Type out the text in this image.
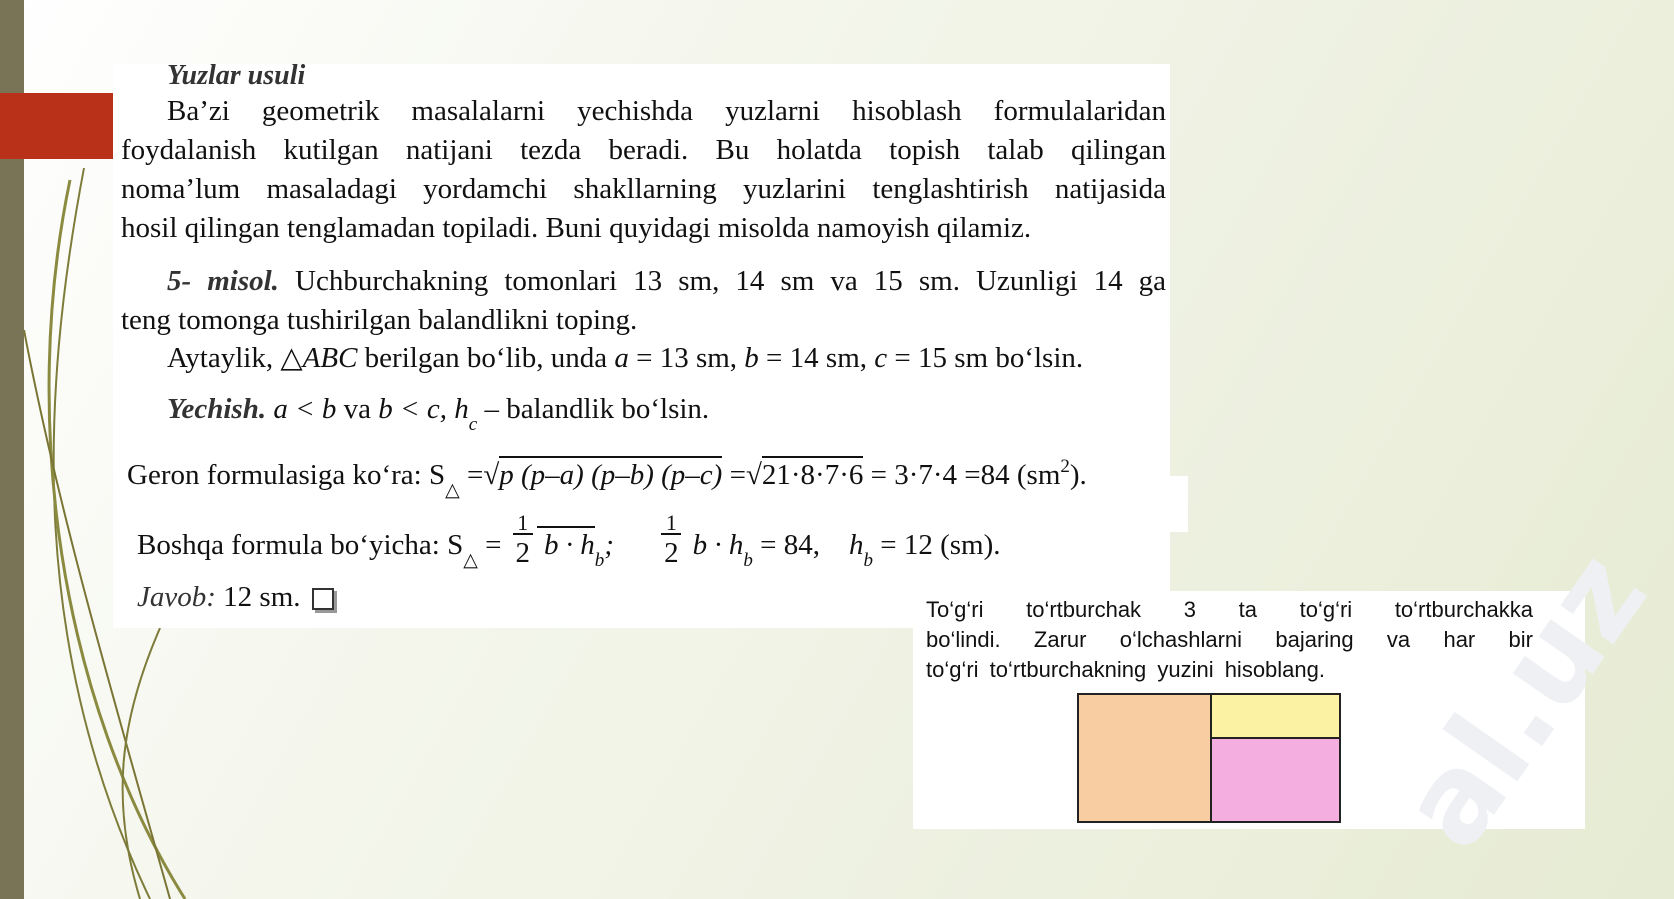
Yuzlar usuli

Ba’zi geometrik masalalarni yechishda yuzlarni hisoblash formulalaridan

foydalanish kutilgan natijani tezda beradi. Bu holatda topish talab qilingan

noma’lum masaladagi yordamchi shakllarning yuzlarini tenglashtirish natijasida

hosil qilingan tenglamadan topiladi. Buni quyidagi misolda namoyish qilamiz.

5- misol. Uchburchakning tomonlari 13 sm, 14 sm va 15 sm. Uzunligi 14 ga

teng tomonga tushirilgan balandlikni toping.

Aytaylik, △ABC berilgan bo‘lib, unda a = 13 sm, b = 14 sm, c = 15 sm bo‘lsin.

Yechish. a < b va b < c, $h_c$ – balandlik bo‘lsin.

Geron formulasiga ko‘ra: $S_\triangle =√p$ (p–a) (p–b) (p–c) =√21·8·7·6 = 3·7·4 =84 $(sm^2)$.

Boshqa formula bo‘yicha: $S_\triangle = \frac{1}{2}$ $b \cdot h_b$; $\frac{1}{2}$ $b \cdot h_b = 84$, $h_b = 12$ (sm).

Javob: 12 sm.	al.uz
To‘g‘ri to‘rtburchak 3 ta to‘g‘ri to‘rtburchakka
bo‘lindi. Zarur o‘lchashlarni bajaring va har bir
to‘g‘ri to‘rtburchakning yuzini hisoblang.
